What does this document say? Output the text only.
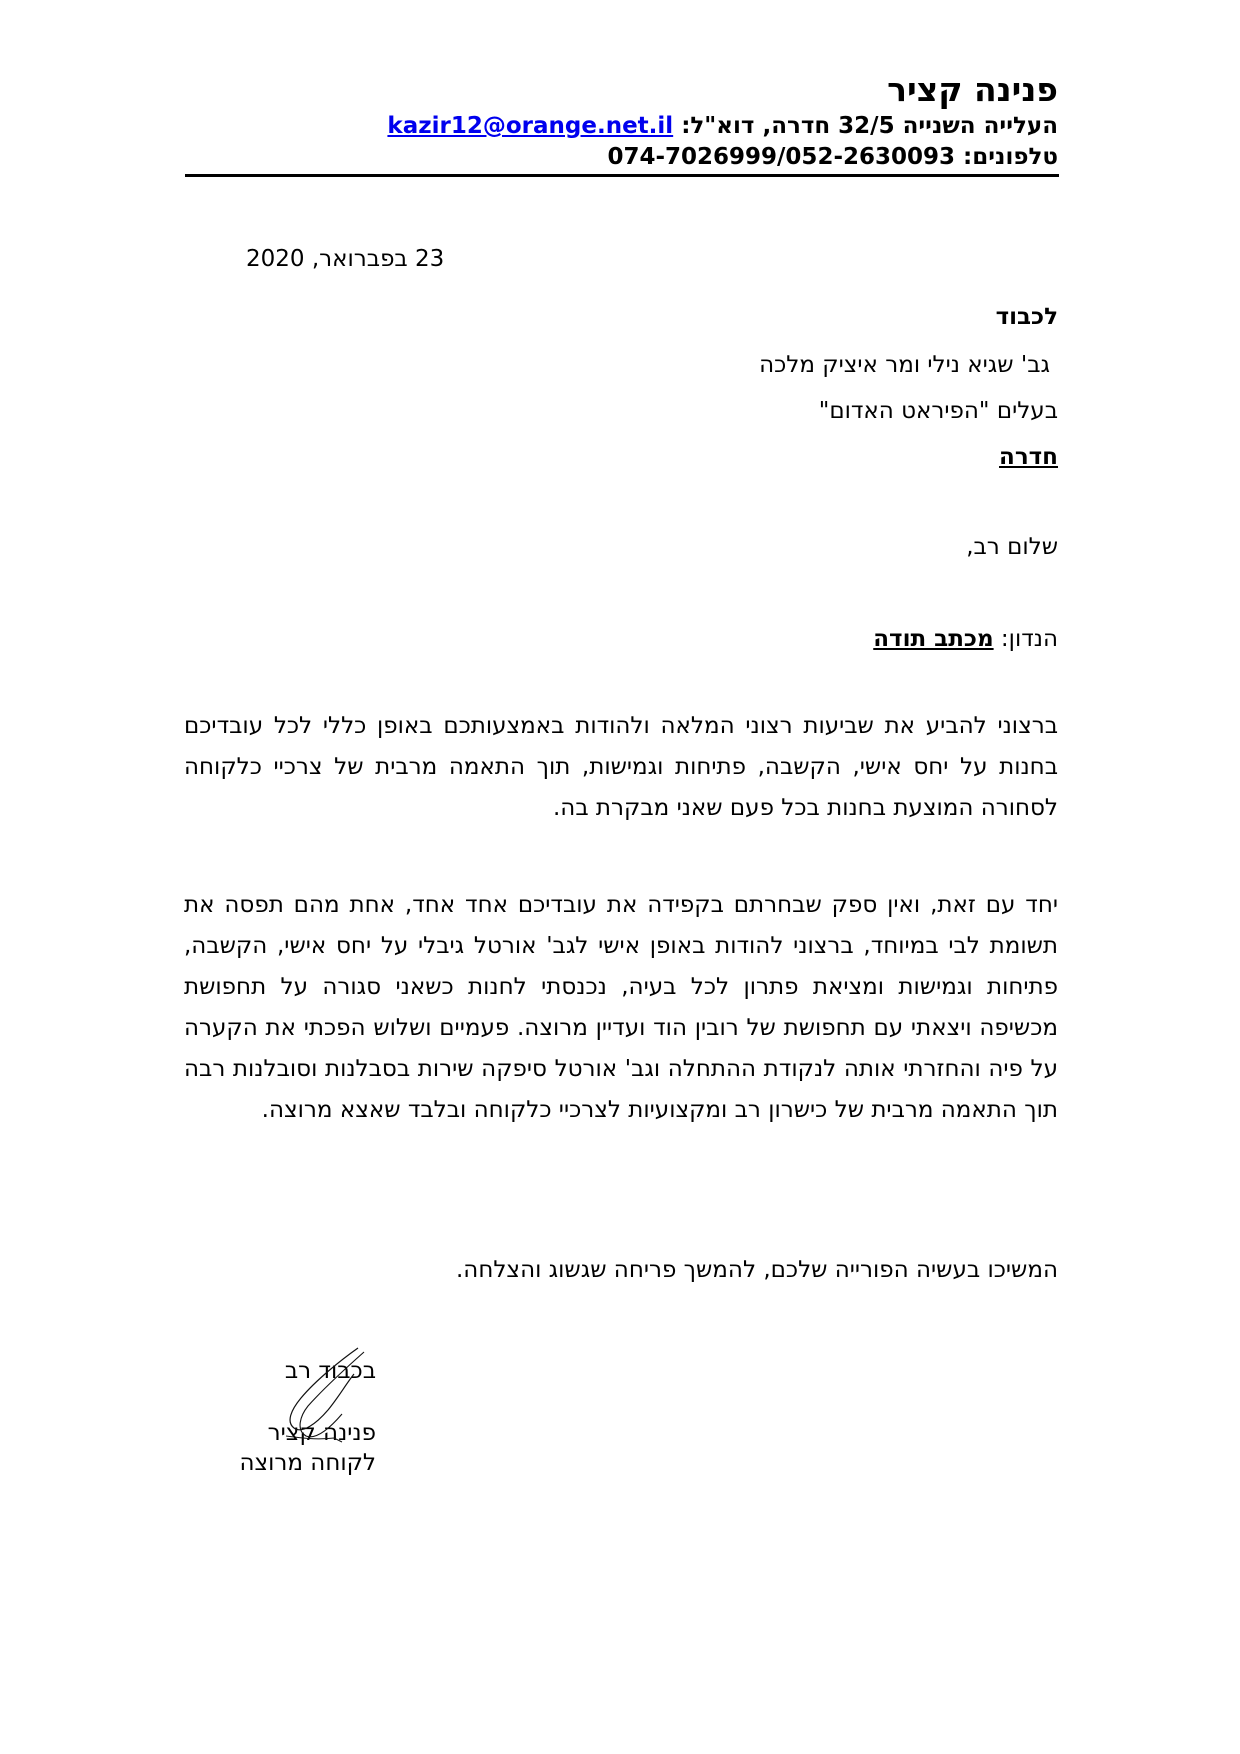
פנינה קציר
העלייה השנייה 32/5 חדרה, דוא"ל: kazir12@orange.net.il
טלפונים: 074-7026999/052-2630093
23 בפברואר, 2020
לכבוד
גב' שגיא נילי ומר איציק מלכה
בעלים "הפיראט האדום"
חדרה
שלום רב,
הנדון: מכתב תודה
ברצוני להביע את שביעות רצוני המלאה ולהודות באמצעותכם באופן כללי לכל עובדיכם בחנות על יחס אישי, הקשבה, פתיחות וגמישות, תוך התאמה מרבית של צרכיי כלקוחה לסחורה המוצעת בחנות בכל פעם שאני מבקרת בה.
יחד עם זאת, ואין ספק שבחרתם בקפידה את עובדיכם אחד אחד, אחת מהם תפסה את תשומת לבי במיוחד, ברצוני להודות באופן אישי לגב' אורטל גיבלי על יחס אישי, הקשבה, פתיחות וגמישות ומציאת פתרון לכל בעיה, נכנסתי לחנות כשאני סגורה על תחפושת מכשיפה ויצאתי עם תחפושת של רובין הוד ועדיין מרוצה. פעמיים ושלוש הפכתי את הקערה על פיה והחזרתי אותה לנקודת ההתחלה וגב' אורטל סיפקה שירות בסבלנות וסובלנות רבה תוך התאמה מרבית של כישרון רב ומקצועיות לצרכיי כלקוחה ובלבד שאצא מרוצה.
המשיכו בעשיה הפורייה שלכם, להמשך פריחה שגשוג והצלחה.
בכבוד רב
פנינה קציר
לקוחה מרוצה
